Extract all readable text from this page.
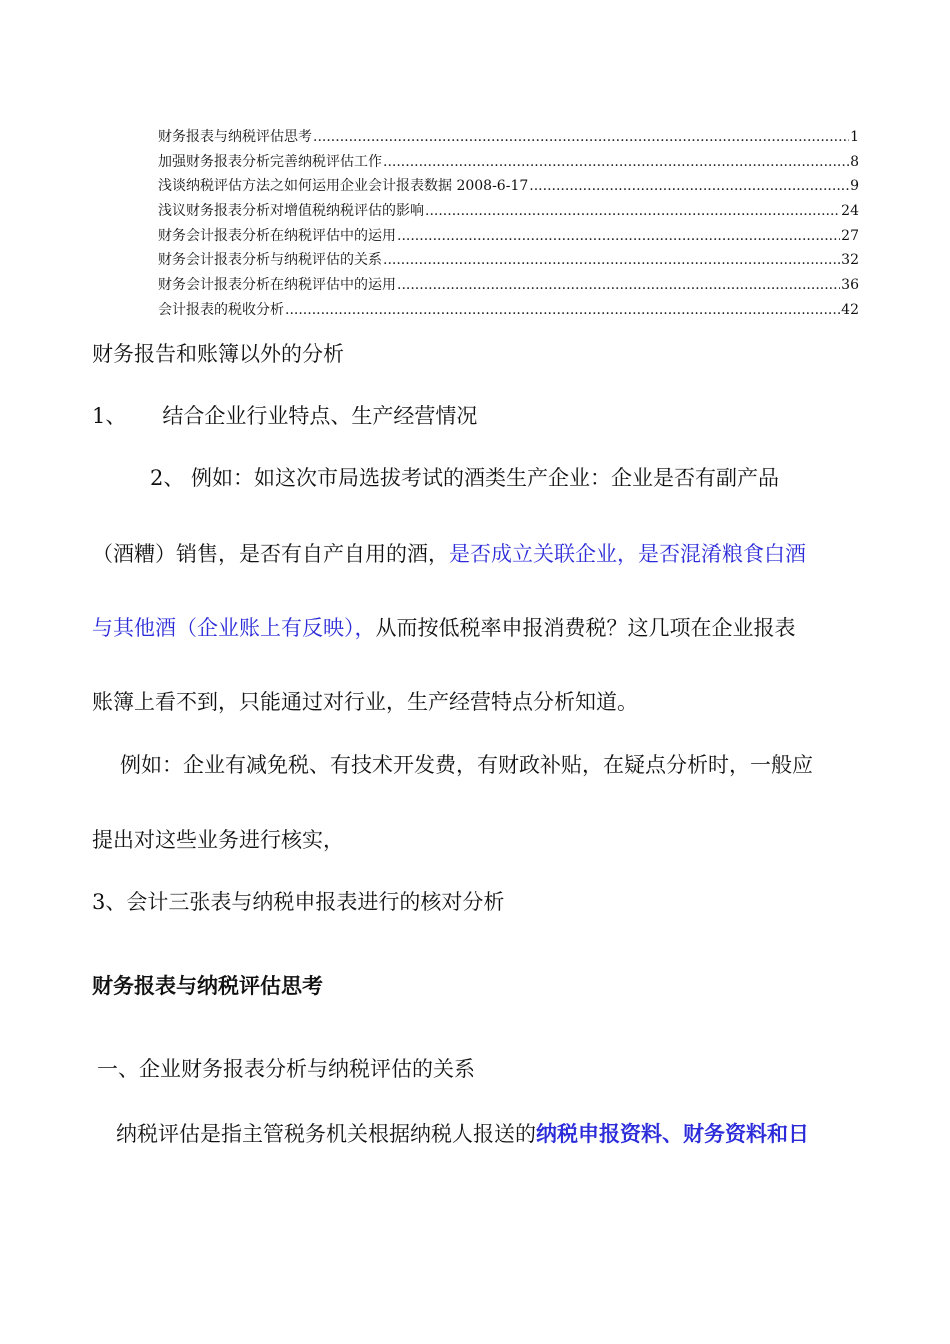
财务报表与纳税评估思考 .....	1
加强财务报表分析完善纳税评估工作 .....	8
浅谈纳税评估方法之如何运用企业会计报表数据 2008-6-17 .....	9
浅议财务报表分析对增值税纳税评估的影响 .....	24
财务会计报表分析在纳税评估中的运用 .....	27
财务会计报表分析与纳税评估的关系 .....	32
财务会计报表分析在纳税评估中的运用 .....	36
会计报表的税收分析 .....	42
财务报告和账簿以外的分析
1、 结合企业行业特点、生产经营情况
2、 例如：如这次市局选拔考试的酒类生产企业：企业是否有副产品
（酒糟）销售，是否有自产自用的酒，是否成立关联企业，是否混淆粮食白酒
与其他酒（企业账上有反映），从而按低税率申报消费税？这几项在企业报表
账簿上看不到，只能通过对行业，生产经营特点分析知道。
例如：企业有减免税、有技术开发费，有财政补贴，在疑点分析时，一般应
提出对这些业务进行核实，
3、会计三张表与纳税申报表进行的核对分析
财务报表与纳税评估思考
一、企业财务报表分析与纳税评估的关系
纳税评估是指主管税务机关根据纳税人报送的纳税申报资料、财务资料和日
